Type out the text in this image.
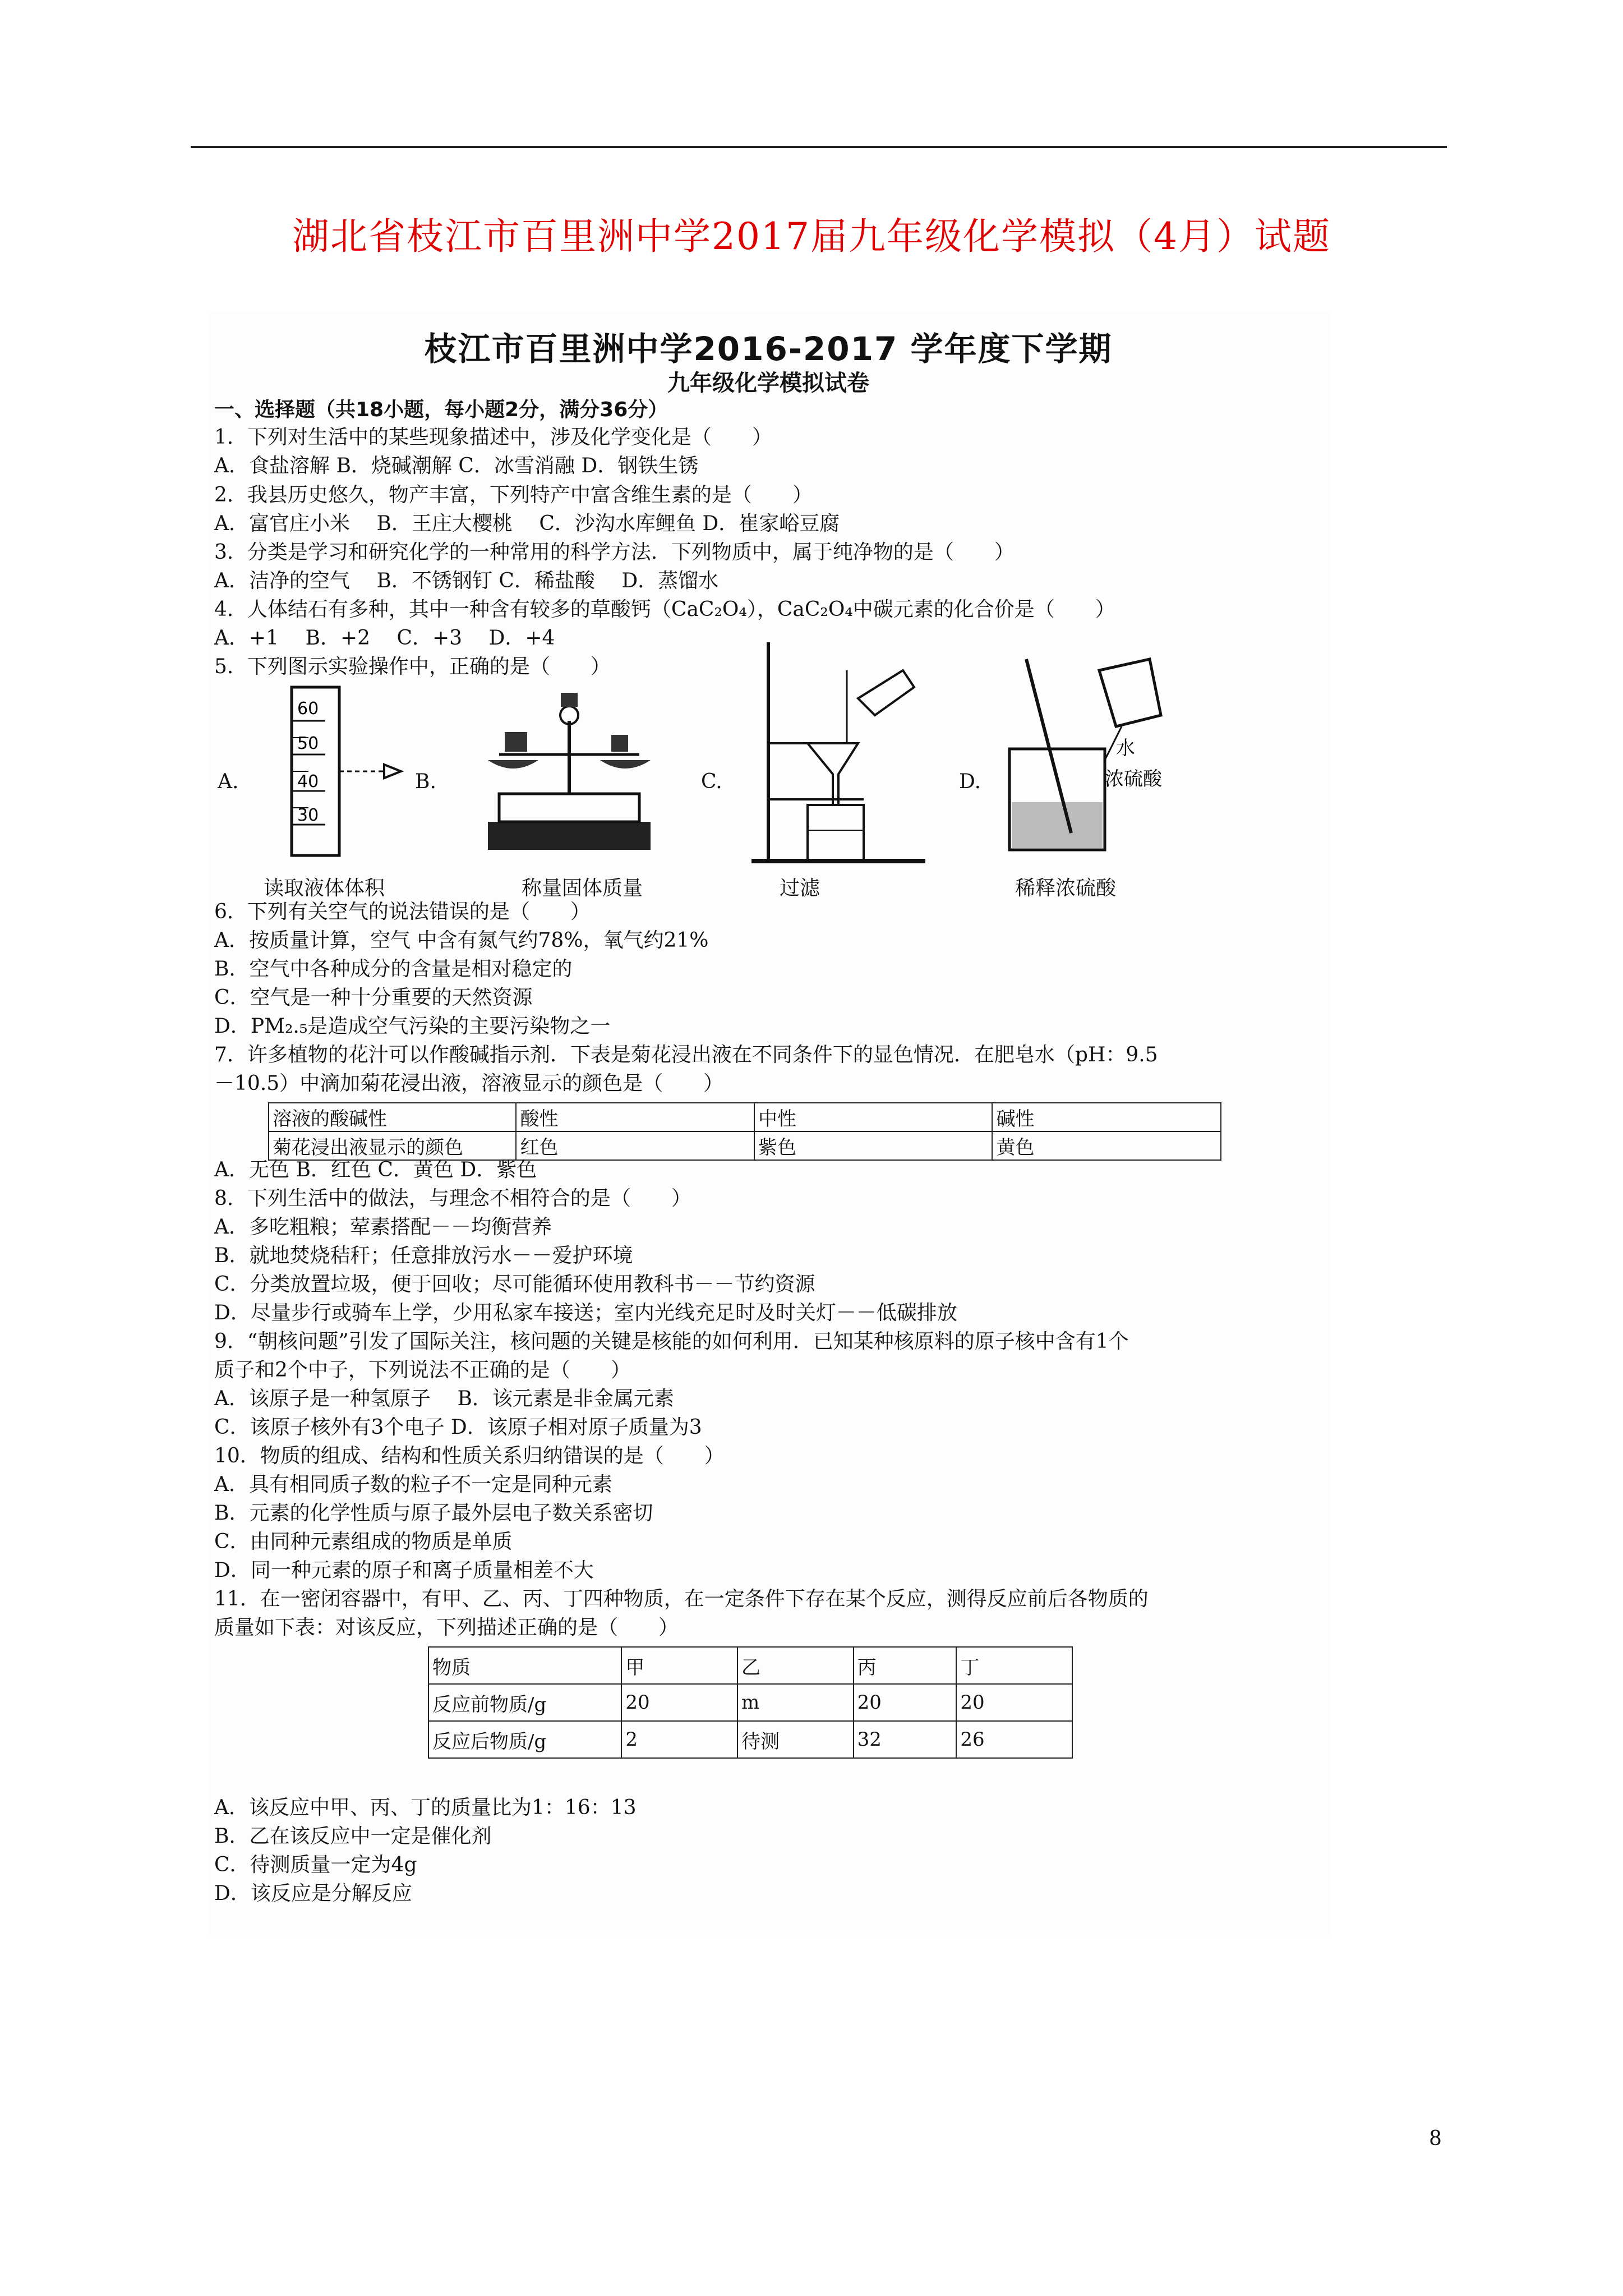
湖北省枝江市百里洲中学2017届九年级化学模拟（4月）试题
枝江市百里洲中学2016-2017 学年度下学期
九年级化学模拟试卷
一、选择题（共18小题，每小题2分，满分36分）
1．下列对生活中的某些现象描述中，涉及化学变化是（　　）
A．食盐溶解 B．烧碱潮解 C．冰雪消融 D．钢铁生锈
2．我县历史悠久，物产丰富，下列特产中富含维生素的是（　　）
A．富官庄小米　 B．王庄大樱桃　 C．沙沟水库鲤鱼 D．崔家峪豆腐
3．分类是学习和研究化学的一种常用的科学方法．下列物质中，属于纯净物的是（　　）
A．洁净的空气　 B．不锈钢钉 C．稀盐酸　 D．蒸馏水
4．人体结石有多种，其中一种含有较多的草酸钙（CaC₂O₄），CaC₂O₄中碳元素的化合价是（　　）
A．+1　 B．+2　 C．+3　 D．+4
5．下列图示实验操作中，正确的是（　　）
A.	B.	C.	D.
60
50
40
30
水
浓硫酸
读取液体体积	称量固体质量	过滤	稀释浓硫酸
6．下列有关空气的说法错误的是（　　）
A．按质量计算，空气 中含有氮气约78%，氧气约21%
B．空气中各种成分的含量是相对稳定的
C．空气是一种十分重要的天然资源
D．PM₂.₅是造成空气污染的主要污染物之一
7．许多植物的花汁可以作酸碱指示剂．下表是菊花浸出液在不同条件下的显色情况．在肥皂水（pH：9.5
－10.5）中滴加菊花浸出液，溶液显示的颜色是（　　）
溶液的酸碱性	酸性	中性	碱性
菊花浸出液显示的颜色	红色	紫色	黄色
A．无色 B．红色 C．黄色 D．紫色
8．下列生活中的做法，与理念不相符合的是（　　）
A．多吃粗粮；荤素搭配－－均衡营养
B．就地焚烧秸秆；任意排放污水－－爱护环境
C．分类放置垃圾，便于回收；尽可能循环使用教科书－－节约资源
D．尽量步行或骑车上学，少用私家车接送；室内光线充足时及时关灯－－低碳排放
9．“朝核问题”引发了国际关注，核问题的关键是核能的如何利用．已知某种核原料的原子核中含有1个
质子和2个中子，下列说法不正确的是（　　）
A．该原子是一种氢原子　 B．该元素是非金属元素
C．该原子核外有3个电子 D．该原子相对原子质量为3
10．物质的组成、结构和性质关系归纳错误的是（　　）
A．具有相同质子数的粒子不一定是同种元素
B．元素的化学性质与原子最外层电子数关系密切
C．由同种元素组成的物质是单质
D．同一种元素的原子和离子质量相差不大
11．在一密闭容器中，有甲、乙、丙、丁四种物质，在一定条件下存在某个反应，测得反应前后各物质的
质量如下表：对该反应，下列描述正确的是（　　）
物质	甲	乙	丙	丁
反应前物质/g	20	m	20	20
反应后物质/g	2	待测	32	26
A．该反应中甲、丙、丁的质量比为1：16：13
B．乙在该反应中一定是催化剂
C．待测质量一定为4g
D．该反应是分解反应
8
